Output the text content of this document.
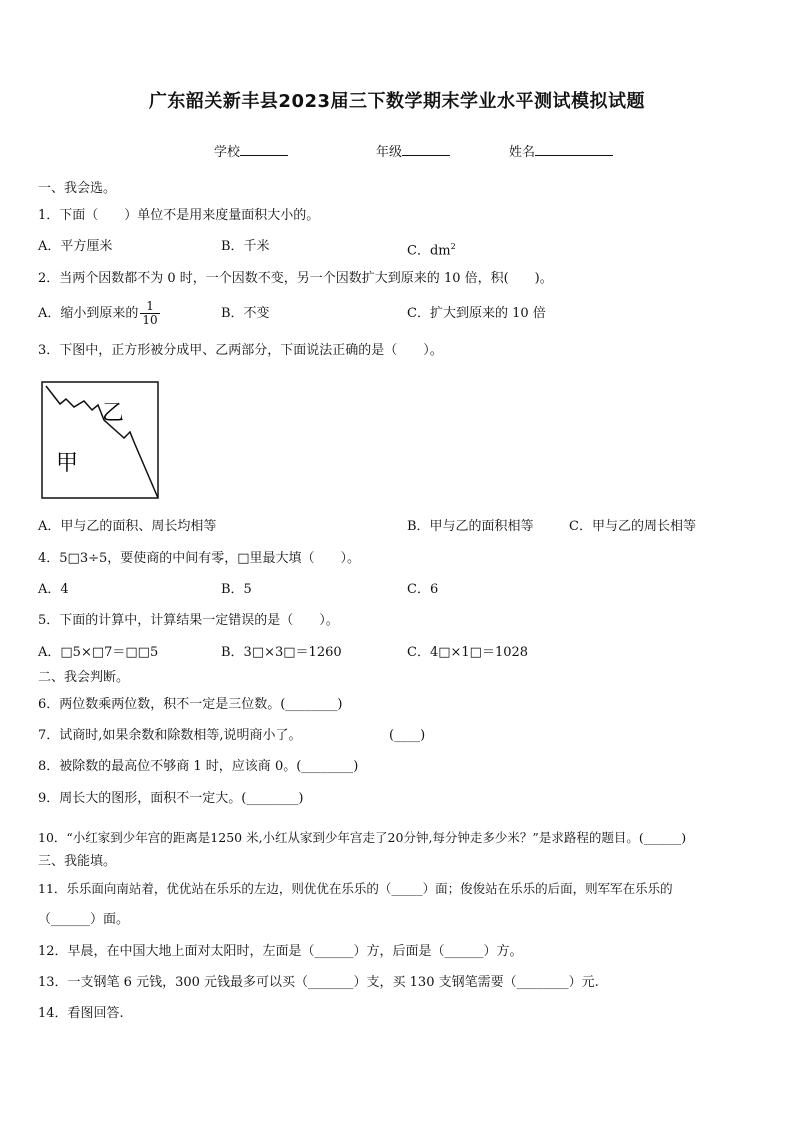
广东韶关新丰县2023届三下数学期末学业水平测试模拟试题
学校	年级	姓名
一、我会选。
1．下面（　　）单位不是用来度量面积大小的。
A．平方厘米	B．千米	C．$dm^2$
2．当两个因数都不为 0 时，一个因数不变，另一个因数扩大到原来的 10 倍，积(　　)。
A．缩小到原来的 $\frac{1}{10}$	B．不变	C．扩大到原来的 10 倍
3．下图中，正方形被分成甲、乙两部分，下面说法正确的是（　　）。
乙
甲
A．甲与乙的面积、周长均相等	B．甲与乙的面积相等	C．甲与乙的周长相等
4．5□3÷5，要使商的中间有零，□里最大填（　　）。
A．4	B．5	C．6
5．下面的计算中，计算结果一定错误的是（　　）。
A．□5×□7＝□□5	B．3□×3□＝1260	C．4□×1□＝1028
二、我会判断。
6．两位数乘两位数，积不一定是三位数。(________)
7．试商时,如果余数和除数相等,说明商小了。	(____)
8．被除数的最高位不够商 1 时，应该商 0。(________)
9．周长大的图形，面积不一定大。(________)
10．“小红家到少年宫的距离是1250 米,小红从家到少年宫走了20分钟,每分钟走多少米？”是求路程的题目。(______)
三、我能填。
11．乐乐面向南站着，优优站在乐乐的左边，则优优在乐乐的（_____）面；俊俊站在乐乐的后面，则军军在乐乐的
（______）面。
12．早晨，在中国大地上面对太阳时，左面是（______）方，后面是（______）方。
13．一支钢笔 6 元钱，300 元钱最多可以买（_______）支，买 130 支钢笔需要（________）元.
14．看图回答.
